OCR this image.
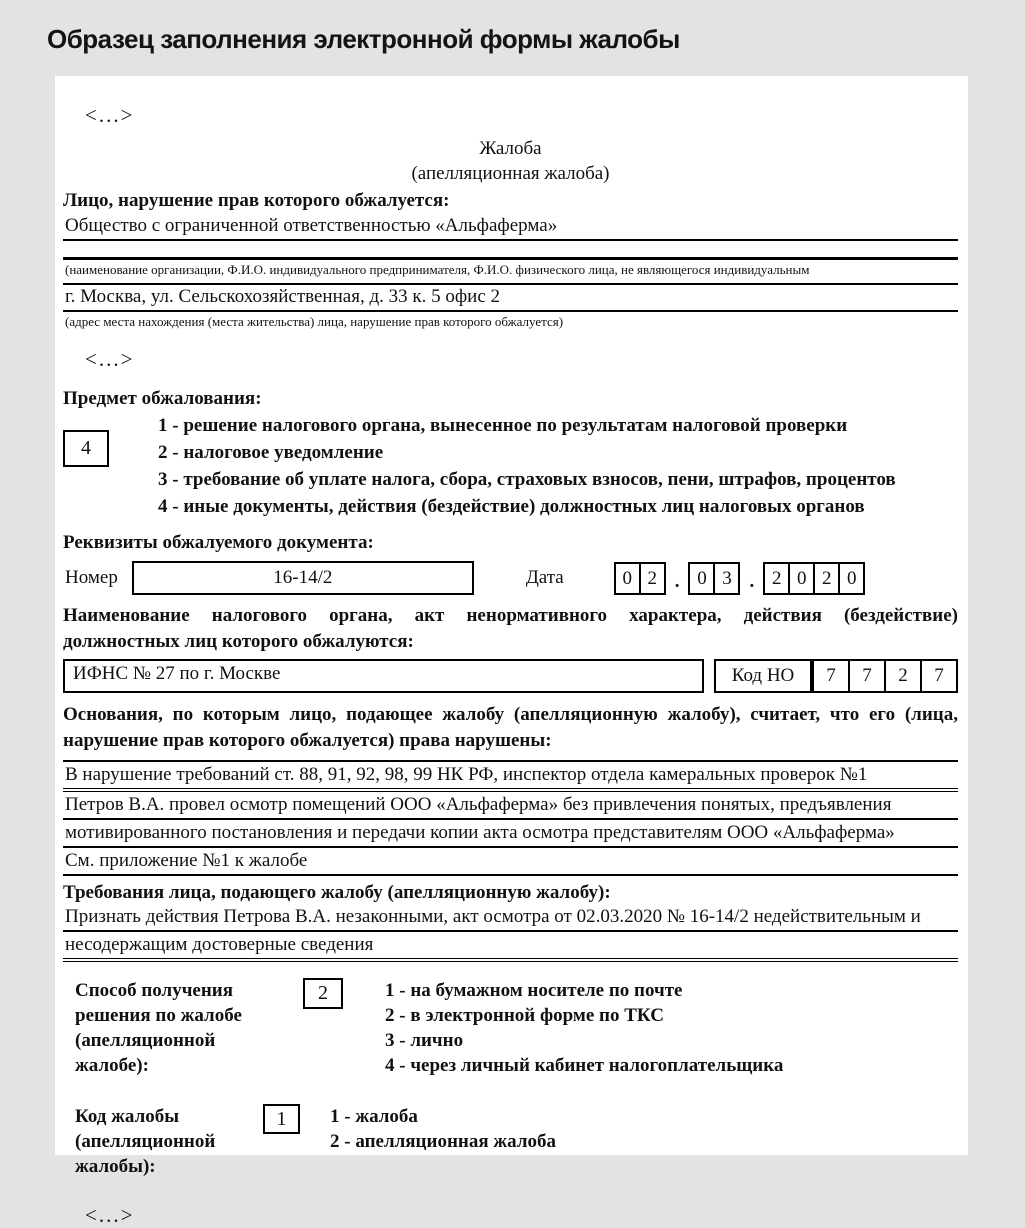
Образец заполнения электронной формы жалобы
<...>
Жалоба
(апелляционная жалоба)
Лицо, нарушение прав которого обжалуется:
Общество с ограниченной ответственностью «Альфаферма»
(наименование организации, Ф.И.О. индивидуального предпринимателя, Ф.И.О. физического лица, не являющегося индивидуальным
г. Москва, ул. Сельскохозяйственная, д. 33 к. 5 офис 2
(адрес места нахождения (места жительства) лица, нарушение прав которого обжалуется)
<...>
Предмет обжалования:
4
1 - решение налогового органа, вынесенное по результатам налоговой проверки
2 - налоговое уведомление
3 - требование об уплате налога, сбора, страховых взносов, пени, штрафов, процентов
4 - иные документы, действия (бездействие) должностных лиц налоговых органов
Реквизиты обжалуемого документа:
Номер	16-14/2	Дата	0 2 . 0 3 . 2 0 2 0
Наименование налогового органа, акт ненормативного характера, действия (бездействие)
должностных лиц которого обжалуются:
ИФНС № 27 по г. Москве	Код НО	7	7	2	7
Основания, по которым лицо, подающее жалобу (апелляционную жалобу), считает, что его (лица,
нарушение прав которого обжалуется) права нарушены:
В нарушение требований ст. 88, 91, 92, 98, 99 НК РФ, инспектор отдела камеральных проверок №1
Петров В.А. провел осмотр помещений ООО «Альфаферма» без привлечения понятых, предъявления
мотивированного постановления и передачи копии акта осмотра представителям ООО «Альфаферма»
См. приложение №1 к жалобе
Требования лица, подающего жалобу (апелляционную жалобу):
Признать действия Петрова В.А. незаконными, акт осмотра от 02.03.2020 № 16-14/2 недействительным и
несодержащим достоверные сведения
Способ получения
решения по жалобе
(апелляционной
жалобе):
2	1 - на бумажном носителе по почте
2 - в электронной форме по ТКС
3 - лично
4 - через личный кабинет налогоплательщика
Код жалобы
(апелляционной
жалобы):
1	1 - жалоба
2 - апелляционная жалоба
<...>
